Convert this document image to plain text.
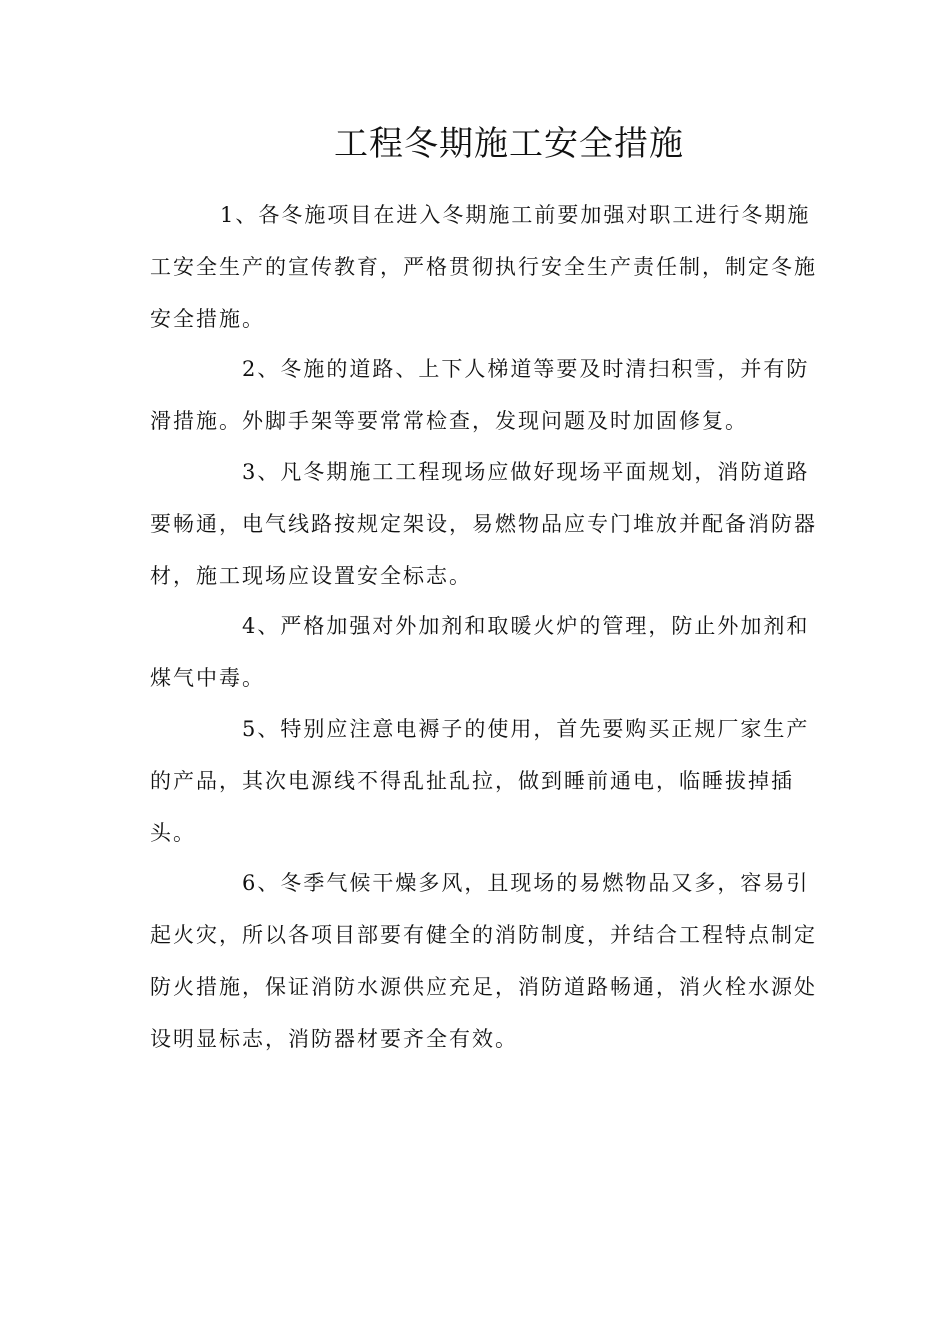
工程冬期施工安全措施
1、各冬施项目在进入冬期施工前要加强对职工进行冬期施
工安全生产的宣传教育，严格贯彻执行安全生产责任制，制定冬施
安全措施。
2、冬施的道路、上下人梯道等要及时清扫积雪，并有防
滑措施。外脚手架等要常常检查，发现问题及时加固修复。
3、凡冬期施工工程现场应做好现场平面规划，消防道路
要畅通，电气线路按规定架设，易燃物品应专门堆放并配备消防器
材，施工现场应设置安全标志。
4、严格加强对外加剂和取暖火炉的管理，防止外加剂和
煤气中毒。
5、特别应注意电褥子的使用，首先要购买正规厂家生产
的产品，其次电源线不得乱扯乱拉，做到睡前通电，临睡拔掉插
头。
6、冬季气候干燥多风，且现场的易燃物品又多，容易引
起火灾，所以各项目部要有健全的消防制度，并结合工程特点制定
防火措施，保证消防水源供应充足，消防道路畅通，消火栓水源处
设明显标志，消防器材要齐全有效。
